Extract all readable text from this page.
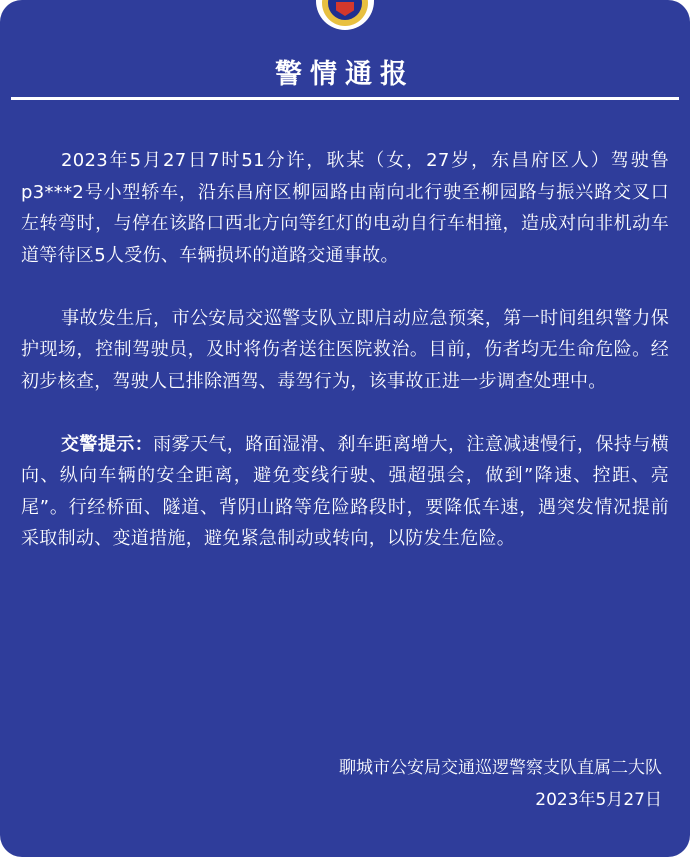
警情通报

2023年5月27日7时51分许，耿某（女，27岁，东昌府区人）驾驶鲁p3***2号小型轿车，沿东昌府区柳园路由南向北行驶至柳园路与振兴路交叉口左转弯时，与停在该路口西北方向等红灯的电动自行车相撞，造成对向非机动车道等待区5人受伤、车辆损坏的道路交通事故。

事故发生后，市公安局交巡警支队立即启动应急预案，第一时间组织警力保护现场，控制驾驶员，及时将伤者送往医院救治。目前，伤者均无生命危险。经初步核查，驾驶人已排除酒驾、毒驾行为，该事故正进一步调查处理中。

交警提示：雨雾天气，路面湿滑、刹车距离增大，注意减速慢行，保持与横向、纵向车辆的安全距离，避免变线行驶、强超强会，做到”降速、控距、亮尾”。行经桥面、隧道、背阴山路等危险路段时，要降低车速，遇突发情况提前采取制动、变道措施，避免紧急制动或转向，以防发生危险。

聊城市公安局交通巡逻警察支队直属二大队
2023年5月27日
